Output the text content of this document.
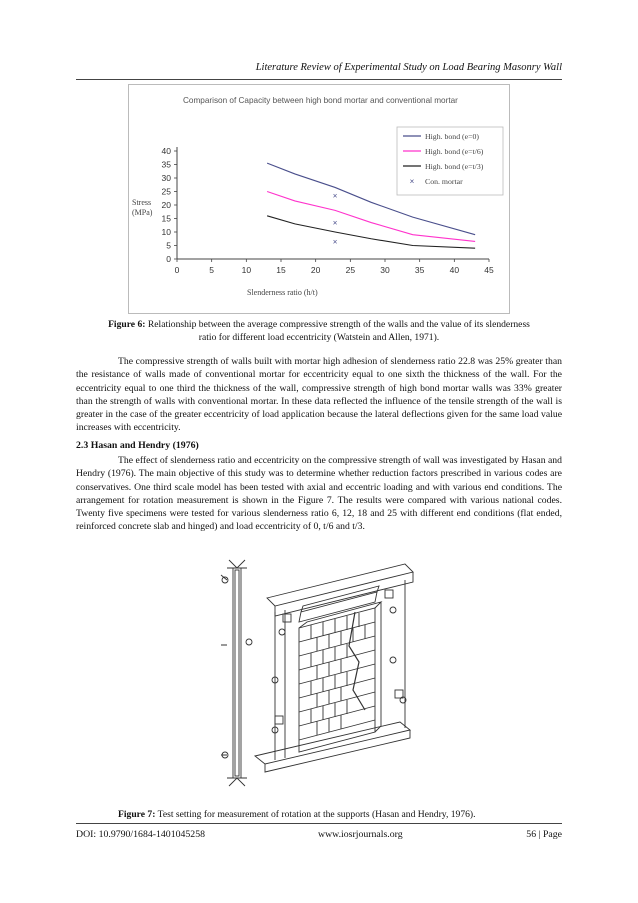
Literature Review of Experimental Study on Load Bearing Masonry Wall
Comparison of Capacity between high bond mortar and conventional mortar
Stress
(MPa)
Slenderness ratio (h/t)
0
5
10
15
20
25
30
35
40
0	5	10	15	20	25	30	35	40	45
×
×
×
High. bond (e=0)
High. bond (e=t/6)
High. bond (e=t/3)
× Con. mortar
Figure 6: Relationship between the average compressive strength of the walls and the value of its slenderness
ratio for different load eccentricity (Watstein and Allen, 1971).
The compressive strength of walls built with mortar high adhesion of slenderness ratio 22.8 was 25% greater than the resistance of walls made of conventional mortar for eccentricity equal to one sixth the thickness of the wall. For the eccentricity equal to one third the thickness of the wall, compressive strength of high bond mortar walls was 33% greater than the strength of walls with conventional mortar. In these data reflected the influence of the tensile strength of the wall is greater in the case of the greater eccentricity of load application because the lateral deflections given for the same load value increases with eccentricity.
2.3 Hasan and Hendry (1976)
The effect of slenderness ratio and eccentricity on the compressive strength of wall was investigated by Hasan and Hendry (1976). The main objective of this study was to determine whether reduction factors prescribed in various codes are conservatives. One third scale model has been tested with axial and eccentric loading and with various end conditions. The arrangement for rotation measurement is shown in the Figure 7. The results were compared with various national codes. Twenty five specimens were tested for various slenderness ratio 6, 12, 18 and 25 with different end conditions (flat ended, reinforced concrete slab and hinged) and load eccentricity of 0, t/6 and t/3.
Figure 7: Test setting for measurement of rotation at the supports (Hasan and Hendry, 1976).
DOI: 10.9790/1684-1401045258	www.iosrjournals.org	56 | Page
